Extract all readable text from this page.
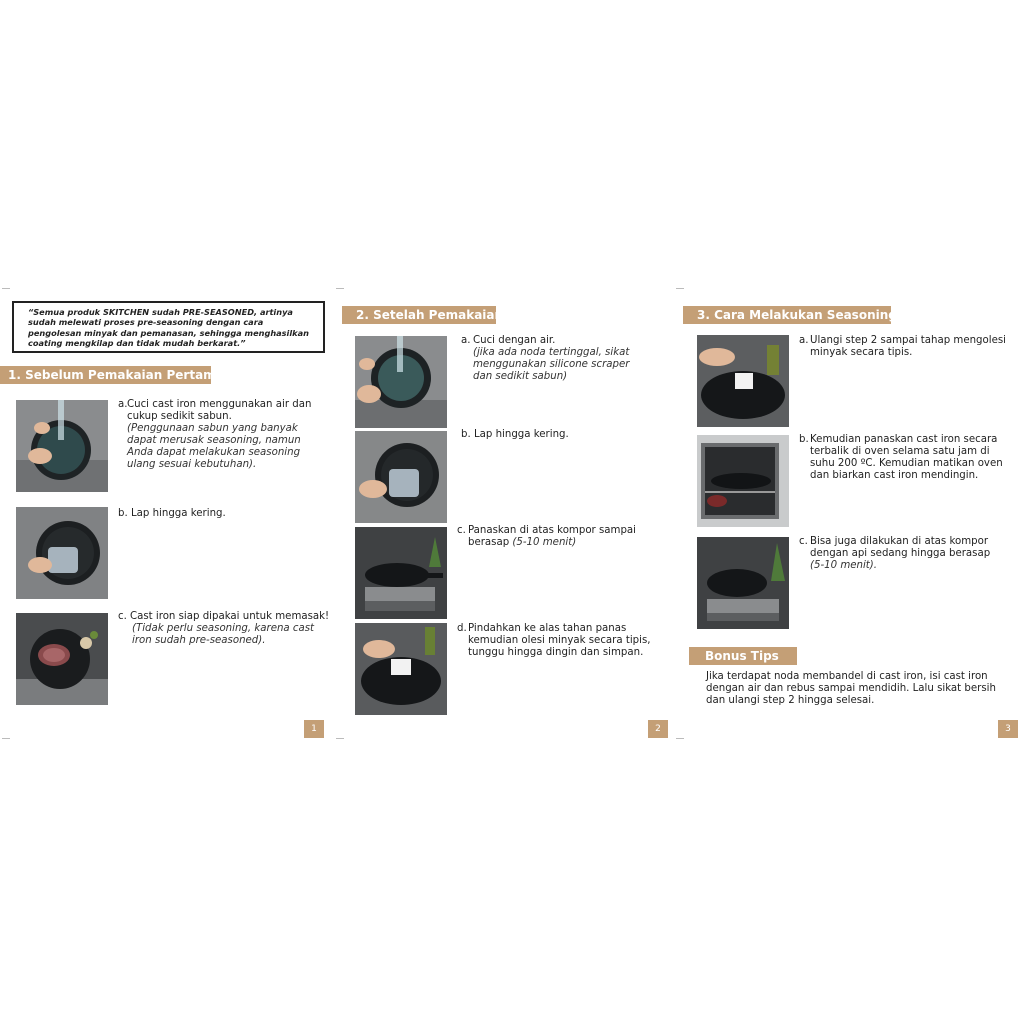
“Semua produk SKITCHEN sudah PRE-SEASONED, artinya sudah melewati proses pre-seasoning dengan cara pengolesan minyak dan pemanasan, sehingga menghasilkan coating mengkilap dan tidak mudah berkarat.”
1. Sebelum Pemakaian Pertama
a. Cuci cast iron menggunakan air dan cukup sedikit sabun.
(Penggunaan sabun yang banyak dapat merusak seasoning, namun Anda dapat melakukan seasoning ulang sesuai kebutuhan).
b. Lap hingga kering.
c. Cast iron siap dipakai untuk memasak!
(Tidak perlu seasoning, karena cast iron sudah pre-seasoned).
1
2. Setelah Pemakaian
a. Cuci dengan air.
(jika ada noda tertinggal, sikat menggunakan silicone scraper dan sedikit sabun)
b. Lap hingga kering.
c. Panaskan di atas kompor sampai berasap (5-10 menit)
d. Pindahkan ke alas tahan panas kemudian olesi minyak secara tipis, tunggu hingga dingin dan simpan.
2
3. Cara Melakukan Seasoning
a. Ulangi step 2 sampai tahap mengolesi minyak secara tipis.
b. Kemudian panaskan cast iron secara terbalik di oven selama satu jam di suhu 200 ºC. Kemudian matikan oven dan biarkan cast iron mendingin.
c. Bisa juga dilakukan di atas kompor dengan api sedang hingga berasap
(5-10 menit).
Bonus Tips
Jika terdapat noda membandel di cast iron, isi cast iron dengan air dan rebus sampai mendidih. Lalu sikat bersih dan ulangi step 2 hingga selesai.
3
